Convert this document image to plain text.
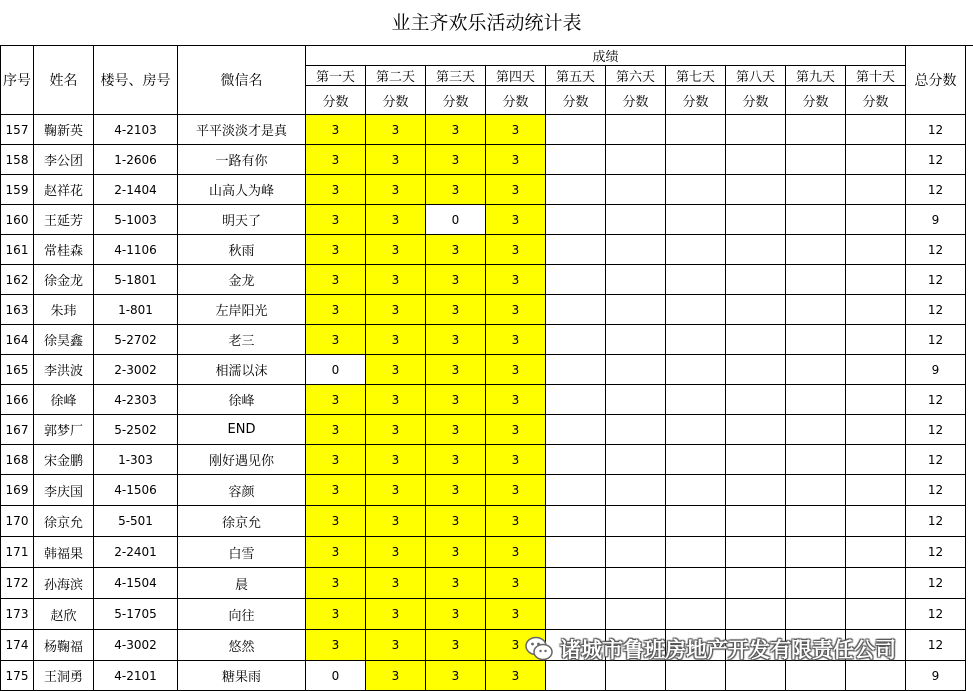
业主齐欢乐活动统计表
序号	姓名	楼号、房号	微信名	成绩										总分数
				第一天	第二天	第三天	第四天	第五天	第六天	第七天	第八天	第九天	第十天	
				分数	分数	分数	分数	分数	分数	分数	分数	分数	分数	
157	鞠新英	4-2103	平平淡淡才是真	3	3	3	3							12
158	李公团	1-2606	一路有你	3	3	3	3							12
159	赵祥花	2-1404	山高人为峰	3	3	3	3							12
160	王延芳	5-1003	明天了	3	3	0	3							9
161	常桂森	4-1106	秋雨	3	3	3	3							12
162	徐金龙	5-1801	金龙	3	3	3	3							12
163	朱玮	1-801	左岸阳光	3	3	3	3							12
164	徐昊鑫	5-2702	老三	3	3	3	3							12
165	李洪波	2-3002	相濡以沫	0	3	3	3							9
166	徐峰	4-2303	徐峰	3	3	3	3							12
167	郭梦厂	5-2502	END	3	3	3	3							12
168	宋金鹏	1-303	刚好遇见你	3	3	3	3							12
169	李庆国	4-1506	容颜	3	3	3	3							12
170	徐京允	5-501	徐京允	3	3	3	3							12
171	韩福果	2-2401	白雪	3	3	3	3							12
172	孙海滨	4-1504	晨	3	3	3	3							12
173	赵欣	5-1705	向往	3	3	3	3							12
174	杨鞠福	4-3002	悠然	3	3	3	3							12
175	王洞勇	4-2101	糖果雨	0	3	3	3							9

诸城市鲁班房地产开发有限责任公司
